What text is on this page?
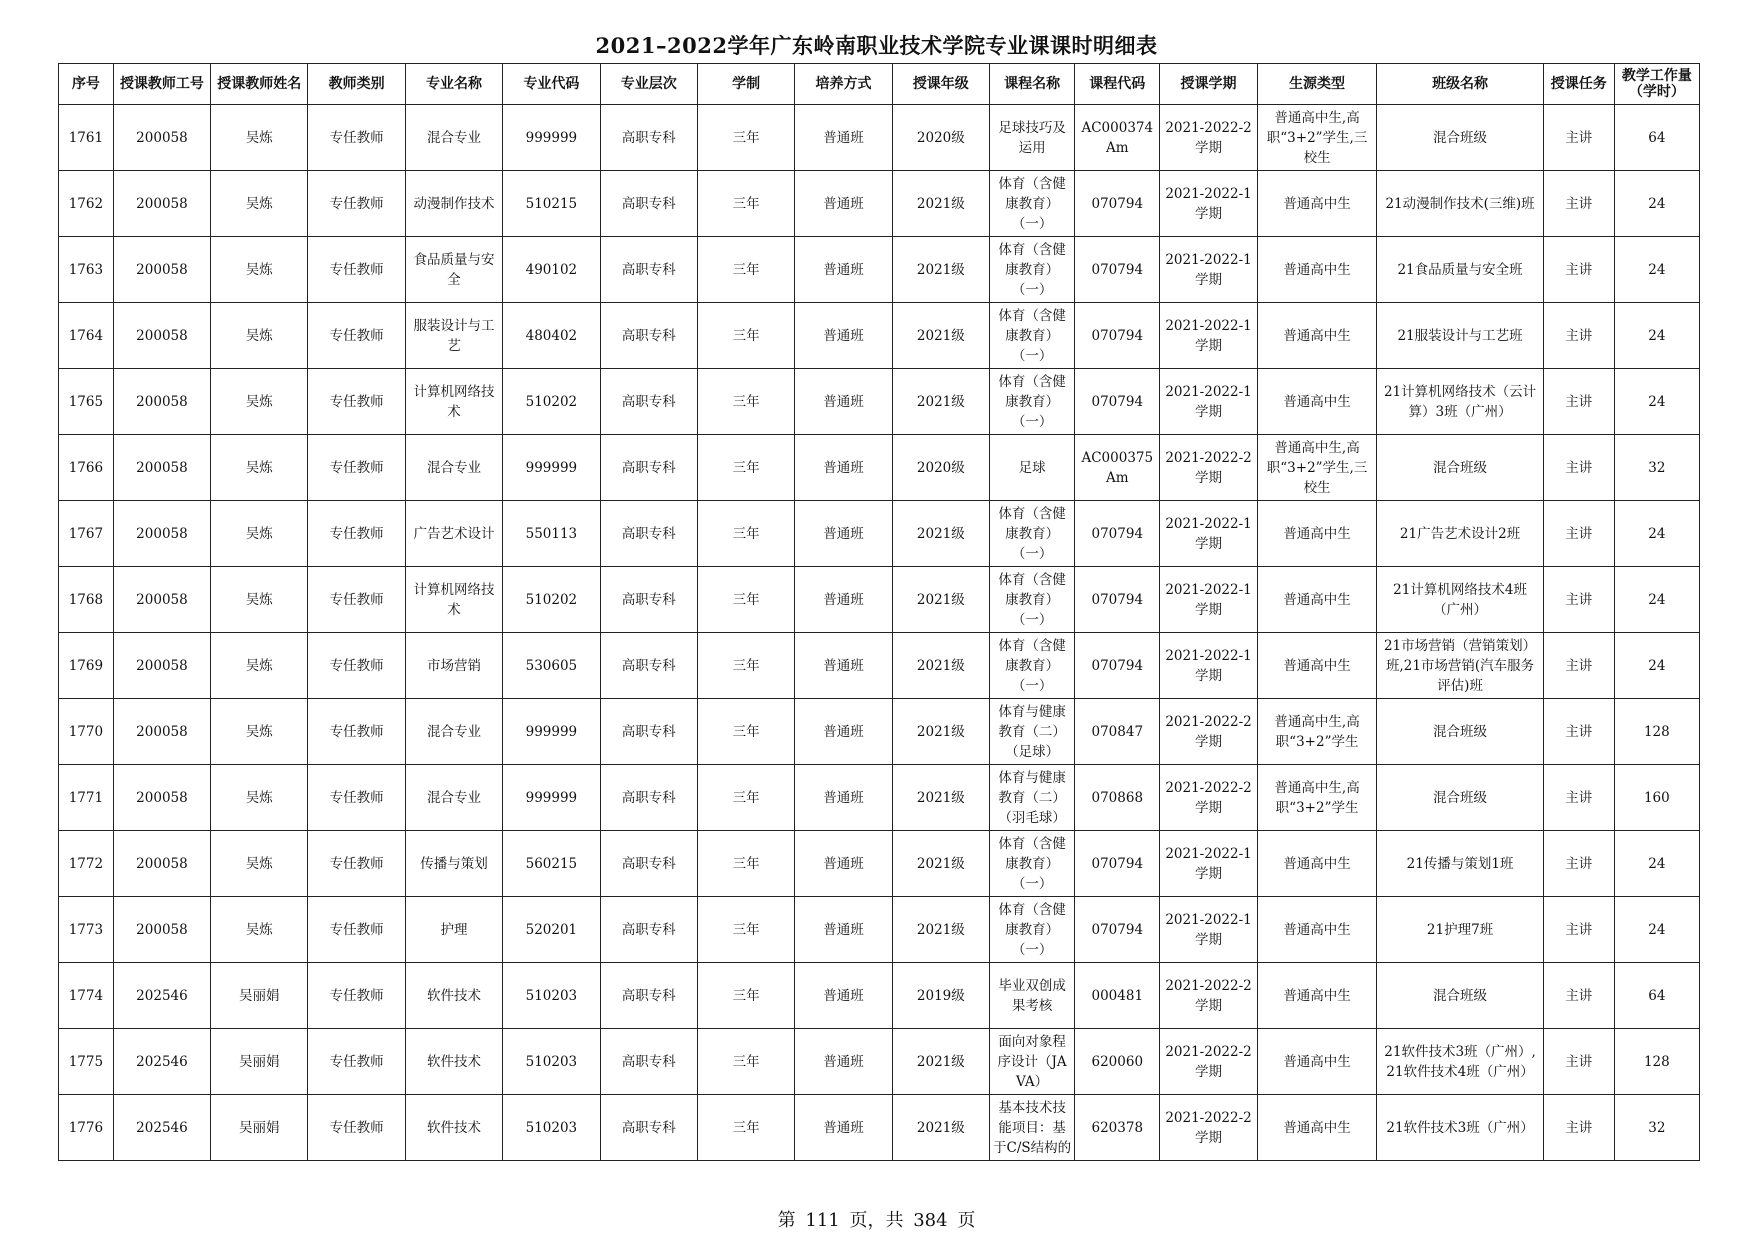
2021–2022学年广东岭南职业技术学院专业课课时明细表
序号	授课教师工号	授课教师姓名	教师类别	专业名称	专业代码	专业层次	学制	培养方式	授课年级	课程名称	课程代码	授课学期	生源类型	班级名称	授课任务	教学工作量（学时）

1761	200058	吴炼	专任教师	混合专业	999999	高职专科	三年	普通班	2020级	足球技巧及运用	AC000374Am	2021-2022-2学期	普通高中生,高职“3+2”学生,三校生	混合班级	主讲	64

1762	200058	吴炼	专任教师	动漫制作技术	510215	高职专科	三年	普通班	2021级	体育（含健康教育）（一）	070794	2021-2022-1学期	普通高中生	21动漫制作技术(三维)班	主讲	24

1763	200058	吴炼	专任教师	食品质量与安全	490102	高职专科	三年	普通班	2021级	体育（含健康教育）（一）	070794	2021-2022-1学期	普通高中生	21食品质量与安全班	主讲	24

1764	200058	吴炼	专任教师	服装设计与工艺	480402	高职专科	三年	普通班	2021级	体育（含健康教育）（一）	070794	2021-2022-1学期	普通高中生	21服装设计与工艺班	主讲	24

1765	200058	吴炼	专任教师	计算机网络技术	510202	高职专科	三年	普通班	2021级	体育（含健康教育）（一）	070794	2021-2022-1学期	普通高中生	21计算机网络技术（云计算）3班（广州）	主讲	24

1766	200058	吴炼	专任教师	混合专业	999999	高职专科	三年	普通班	2020级	足球	AC000375Am	2021-2022-2学期	普通高中生,高职“3+2”学生,三校生	混合班级	主讲	32

1767	200058	吴炼	专任教师	广告艺术设计	550113	高职专科	三年	普通班	2021级	体育（含健康教育）（一）	070794	2021-2022-1学期	普通高中生	21广告艺术设计2班	主讲	24

1768	200058	吴炼	专任教师	计算机网络技术	510202	高职专科	三年	普通班	2021级	体育（含健康教育）（一）	070794	2021-2022-1学期	普通高中生	21计算机网络技术4班（广州）	主讲	24

1769	200058	吴炼	专任教师	市场营销	530605	高职专科	三年	普通班	2021级	体育（含健康教育）（一）	070794	2021-2022-1学期	普通高中生	21市场营销（营销策划）班,21市场营销(汽车服务评估)班	主讲	24

1770	200058	吴炼	专任教师	混合专业	999999	高职专科	三年	普通班	2021级	体育与健康教育（二）（足球）	070847	2021-2022-2学期	普通高中生,高职“3+2”学生	混合班级	主讲	128

1771	200058	吴炼	专任教师	混合专业	999999	高职专科	三年	普通班	2021级	体育与健康教育（二）（羽毛球）	070868	2021-2022-2学期	普通高中生,高职“3+2”学生	混合班级	主讲	160

1772	200058	吴炼	专任教师	传播与策划	560215	高职专科	三年	普通班	2021级	体育（含健康教育）（一）	070794	2021-2022-1学期	普通高中生	21传播与策划1班	主讲	24

1773	200058	吴炼	专任教师	护理	520201	高职专科	三年	普通班	2021级	体育（含健康教育）（一）	070794	2021-2022-1学期	普通高中生	21护理7班	主讲	24

1774	202546	吴丽娟	专任教师	软件技术	510203	高职专科	三年	普通班	2019级	毕业双创成果考核	000481	2021-2022-2学期	普通高中生	混合班级	主讲	64

1775	202546	吴丽娟	专任教师	软件技术	510203	高职专科	三年	普通班	2021级	面向对象程序设计（JAVA）	620060	2021-2022-2学期	普通高中生	21软件技术3班（广州）,21软件技术4班（广州）	主讲	128

1776	202546	吴丽娟	专任教师	软件技术	510203	高职专科	三年	普通班	2021级	基本技术技能项目：基于C/S结构的	620378	2021-2022-2学期	普通高中生	21软件技术3班（广州）	主讲	32
第 111 页，共 384 页
